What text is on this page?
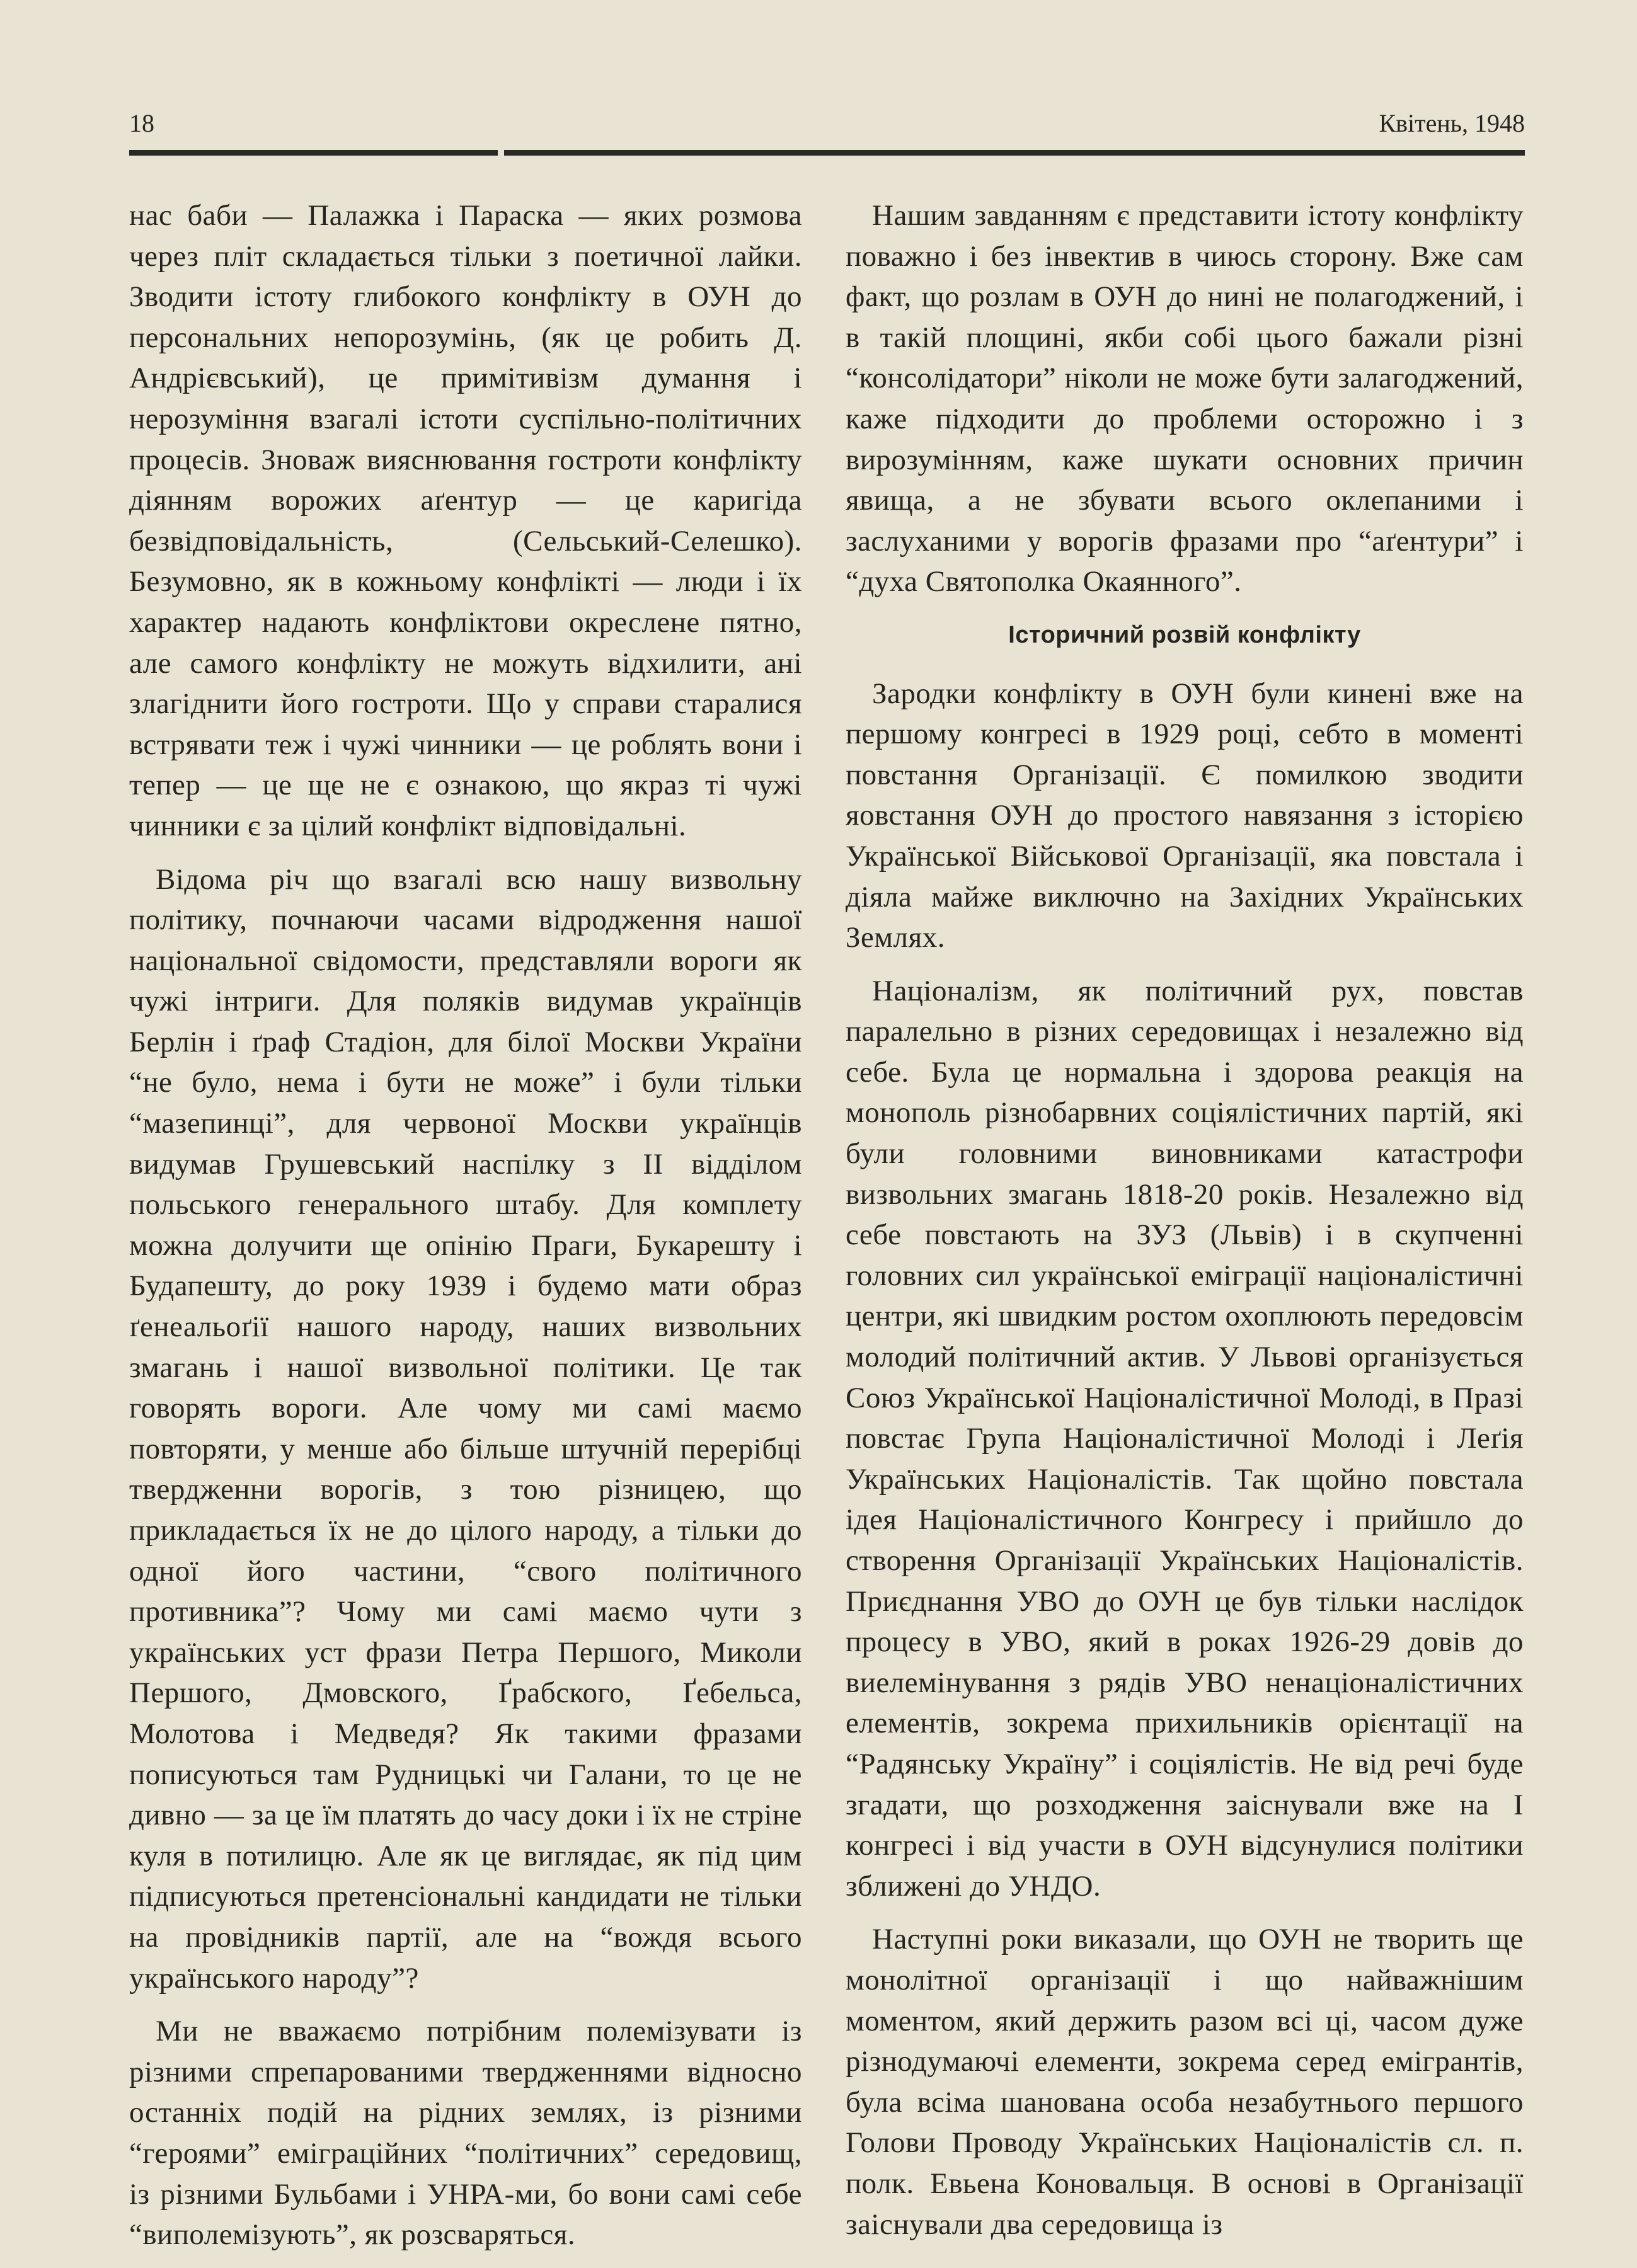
18	Квітень, 1948

нас баби — Палажка і Параска — яких розмова через пліт складається тільки з поетичної лайки. Зводити істоту глибокого конфлікту в ОУН до персональних непорозумінь, (як це робить Д. Андрієвський), це примітивізм думання і нерозуміння взагалі істоти суспільно-політичних процесів. Зноваж вияснювання гостроти конфлікту діянням ворожих аґентур — це каригіда безвідповідальність, (Сельський-Селешко). Безумовно, як в кожньому конфлікті — люди і їх характер надають конфліктови окреслене пятно, але самого конфлікту не можуть відхилити, ані злагіднити його гостроти. Що у справи старалися встрявати теж і чужі чинники — це роблять вони і тепер — це ще не є ознакою, що якраз ті чужі чинники є за цілий конфлікт відповідальні.

Відома річ що взагалі всю нашу визвольну політику, почнаючи часами відродження нашої національної свідомости, представляли вороги як чужі інтриги. Для поляків видумав українців Берлін і ґраф Стадіон, для білої Москви України “не було, нема і бути не може” і були тільки “мазепинці”, для червоної Москви українців видумав Грушевський наспілку з II відділом польського генерального штабу. Для комплету можна долучити ще опінію Праги, Букарешту і Будапешту, до року 1939 і будемо мати образ ґенеальоґії нашого народу, наших визвольних змагань і нашої визвольної політики. Це так говорять вороги. Але чому ми самі маємо повторяти, у менше або більше штучній перерібці твердженни ворогів, з тою різницею, що прикладається їх не до цілого народу, а тільки до одної його частини, “свого політичного противника”? Чому ми самі маємо чути з українських уст фрази Петра Першого, Миколи Першого, Дмовского, Ґрабского, Ґебельса, Молотова і Медведя? Як такими фразами пописуються там Рудницькі чи Галани, то це не дивно — за це їм платять до часу доки і їх не стріне куля в потилицю. Але як це виглядає, як під цим підписуються претенсіональні кандидати не тільки на провідників партії, але на “вождя всього українського народу”?

Ми не вважаємо потрібним полемізувати із різними спрепарованими твердженнями відносно останніх подій на рідних землях, із різними “героями” еміграційних “політичних” середовищ, із різними Бульбами і УНРА-ми, бо вони самі себе “виполемізують”, як розсваряться.

Нашим завданням є представити істоту конфлікту поважно і без інвектив в чиюсь сторону. Вже сам факт, що розлам в ОУН до нині не полагоджений, і в такій площині, якби собі цього бажали різні “консолідатори” ніколи не може бути залагоджений, каже підходити до проблеми осторожно і з вирозумінням, каже шукати основних причин явища, а не збувати всього оклепаними і заслуханими у ворогів фразами про “аґентури” і “духа Святополка Окаянного”.

Історичний розвій конфлікту

Зародки конфлікту в ОУН були кинені вже на першому конгресі в 1929 році, себто в моменті повстання Організації. Є помилкою зводити яовстання ОУН до простого навязання з історією Української Військової Організації, яка повстала і діяла майже виключно на Західних Українських Землях.

Націоналізм, як політичний рух, повстав паралельно в різних середовищах і незалежно від себе. Була це нормальна і здорова реакція на монополь різнобарвних соціялістичних партій, які були головними виновниками катастрофи визвольних змагань 1818-20 років. Незалежно від себе повстають на ЗУЗ (Львів) і в скупченні головних сил української еміграції націоналістичні центри, які швидким ростом охоплюють передовсім молодий політичний актив. У Львові організується Союз Української Націоналістичної Молоді, в Празі повстає Група Націоналістичної Молоді і Леґія Українських Націоналістів. Так щойно повстала ідея Націоналістичного Конгресу і прийшло до створення Організації Українських Націоналістів. Приєднання УВО до ОУН це був тільки наслідок процесу в УВО, який в роках 1926-29 довів до виелемінування з рядів УВО ненаціоналістичних елементів, зокрема прихильників орієнтації на “Радянську Україну” і соціялістів. Не від речі буде згадати, що розходження заіснували вже на І конгресі і від участи в ОУН відсунулися політики зближені до УНДО.

Наступні роки виказали, що ОУН не творить ще монолітної організації і що найважнішим моментом, який держить разом всі ці, часом дуже різнодумаючі елементи, зокрема серед емігрантів, була всіма шанована особа незабутнього першого Голови Проводу Українських Націоналістів сл. п. полк. Евьена Коновальця. В основі в Організації заіснували два середовища із
